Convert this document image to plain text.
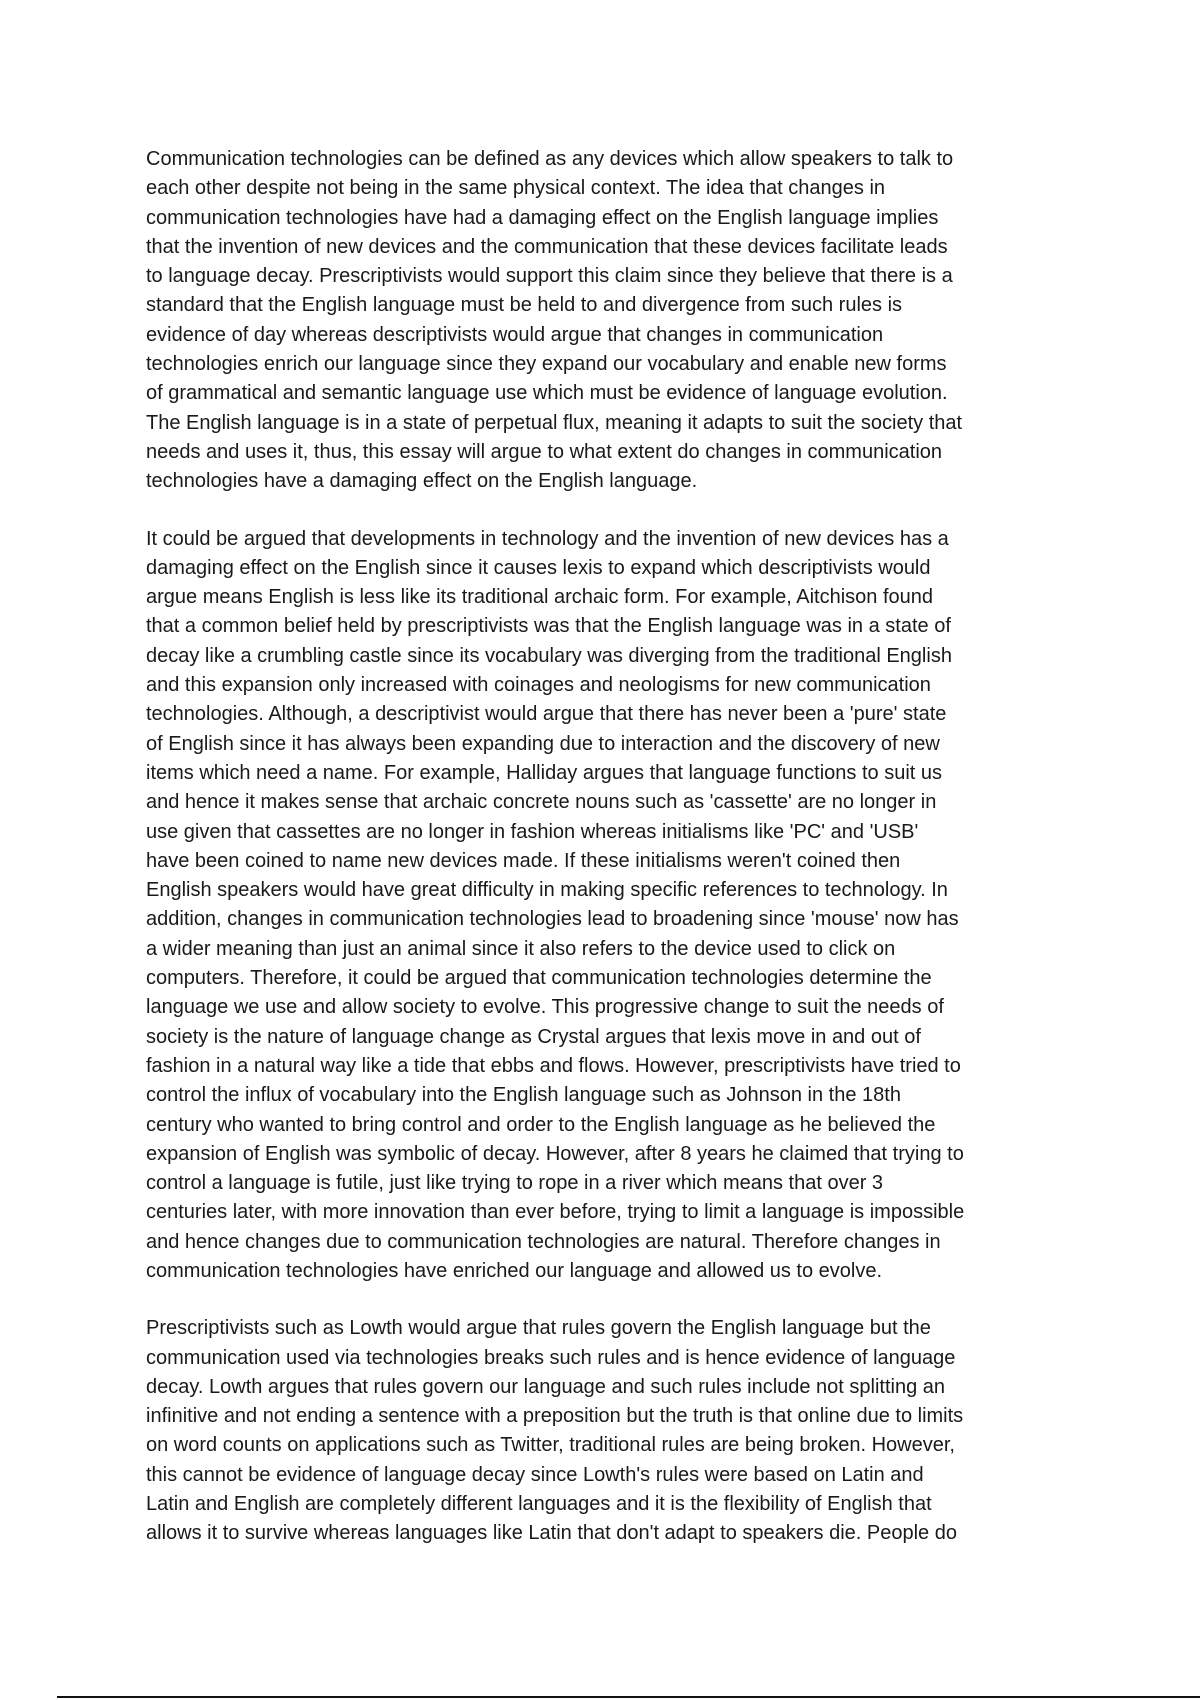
Communication technologies can be defined as any devices which allow speakers to talk to
each other despite not being in the same physical context. The idea that changes in
communication technologies have had a damaging effect on the English language implies
that the invention of new devices and the communication that these devices facilitate leads
to language decay. Prescriptivists would support this claim since they believe that there is a
standard that the English language must be held to and divergence from such rules is
evidence of day whereas descriptivists would argue that changes in communication
technologies enrich our language since they expand our vocabulary and enable new forms
of grammatical and semantic language use which must be evidence of language evolution.
The English language is in a state of perpetual flux, meaning it adapts to suit the society that
needs and uses it, thus, this essay will argue to what extent do changes in communication
technologies have a damaging effect on the English language.
It could be argued that developments in technology and the invention of new devices has a
damaging effect on the English since it causes lexis to expand which descriptivists would
argue means English is less like its traditional archaic form. For example, Aitchison found
that a common belief held by prescriptivists was that the English language was in a state of
decay like a crumbling castle since its vocabulary was diverging from the traditional English
and this expansion only increased with coinages and neologisms for new communication
technologies. Although, a descriptivist would argue that there has never been a 'pure' state
of English since it has always been expanding due to interaction and the discovery of new
items which need a name. For example, Halliday argues that language functions to suit us
and hence it makes sense that archaic concrete nouns such as 'cassette' are no longer in
use given that cassettes are no longer in fashion whereas initialisms like 'PC' and 'USB'
have been coined to name new devices made. If these initialisms weren't coined then
English speakers would have great difficulty in making specific references to technology. In
addition, changes in communication technologies lead to broadening since 'mouse' now has
a wider meaning than just an animal since it also refers to the device used to click on
computers. Therefore, it could be argued that communication technologies determine the
language we use and allow society to evolve. This progressive change to suit the needs of
society is the nature of language change as Crystal argues that lexis move in and out of
fashion in a natural way like a tide that ebbs and flows. However, prescriptivists have tried to
control the influx of vocabulary into the English language such as Johnson in the 18th
century who wanted to bring control and order to the English language as he believed the
expansion of English was symbolic of decay. However, after 8 years he claimed that trying to
control a language is futile, just like trying to rope in a river which means that over 3
centuries later, with more innovation than ever before, trying to limit a language is impossible
and hence changes due to communication technologies are natural. Therefore changes in
communication technologies have enriched our language and allowed us to evolve.
Prescriptivists such as Lowth would argue that rules govern the English language but the
communication used via technologies breaks such rules and is hence evidence of language
decay. Lowth argues that rules govern our language and such rules include not splitting an
infinitive and not ending a sentence with a preposition but the truth is that online due to limits
on word counts on applications such as Twitter, traditional rules are being broken. However,
this cannot be evidence of language decay since Lowth's rules were based on Latin and
Latin and English are completely different languages and it is the flexibility of English that
allows it to survive whereas languages like Latin that don't adapt to speakers die. People do
